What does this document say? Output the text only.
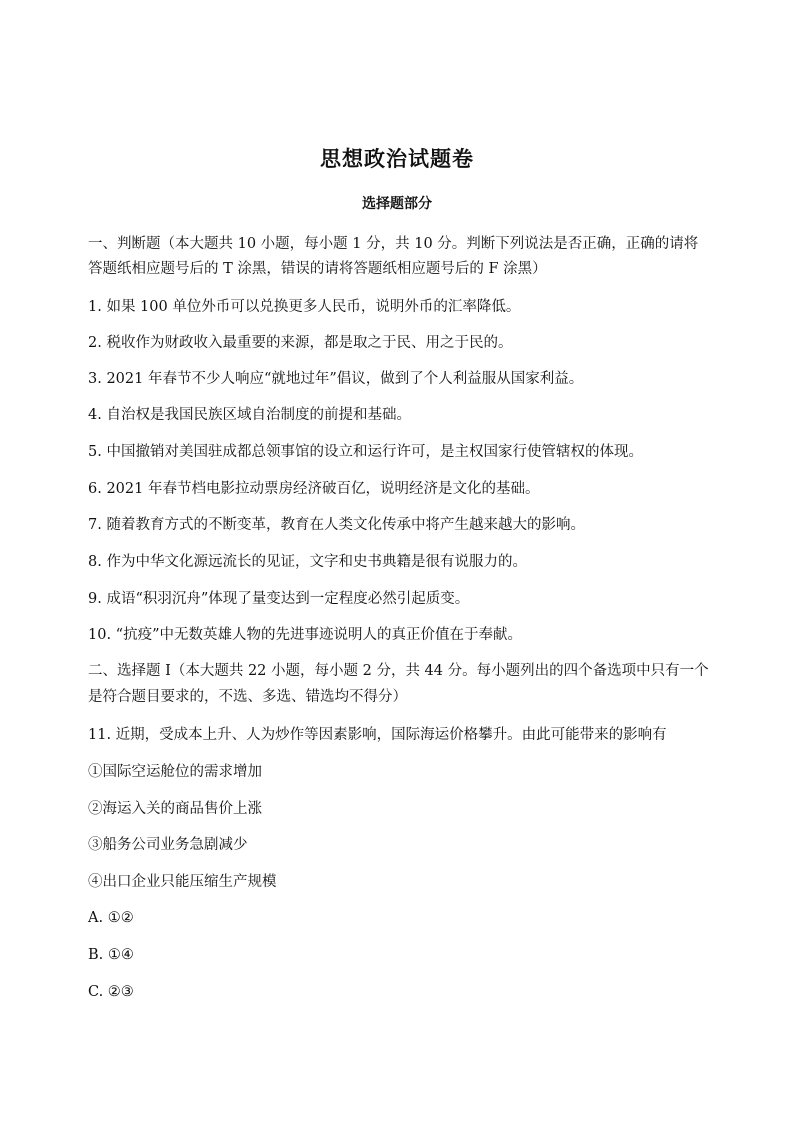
思想政治试题卷
选择题部分
一、判断题（本大题共 10 小题，每小题 1 分，共 10 分。判断下列说法是否正确，正确的请将
答题纸相应题号后的 T 涂黑，错误的请将答题纸相应题号后的 F 涂黑）
1. 如果 100 单位外币可以兑换更多人民币，说明外币的汇率降低。
2. 税收作为财政收入最重要的来源，都是取之于民、用之于民的。
3. 2021 年春节不少人响应“就地过年”倡议，做到了个人利益服从国家利益。
4. 自治权是我国民族区域自治制度的前提和基础。
5. 中国撤销对美国驻成都总领事馆的设立和运行许可，是主权国家行使管辖权的体现。
6. 2021 年春节档电影拉动票房经济破百亿，说明经济是文化的基础。
7. 随着教育方式的不断变革，教育在人类文化传承中将产生越来越大的影响。
8. 作为中华文化源远流长的见证，文字和史书典籍是很有说服力的。
9. 成语“积羽沉舟”体现了量变达到一定程度必然引起质变。
10. “抗疫”中无数英雄人物的先进事迹说明人的真正价值在于奉献。
二、选择题 I（本大题共 22 小题，每小题 2 分，共 44 分。每小题列出的四个备选项中只有一个
是符合题目要求的，不选、多选、错选均不得分）
11. 近期，受成本上升、人为炒作等因素影响，国际海运价格攀升。由此可能带来的影响有
①国际空运舱位的需求增加
②海运入关的商品售价上涨
③船务公司业务急剧减少
④出口企业只能压缩生产规模
A. ①②
B. ①④
C. ②③
